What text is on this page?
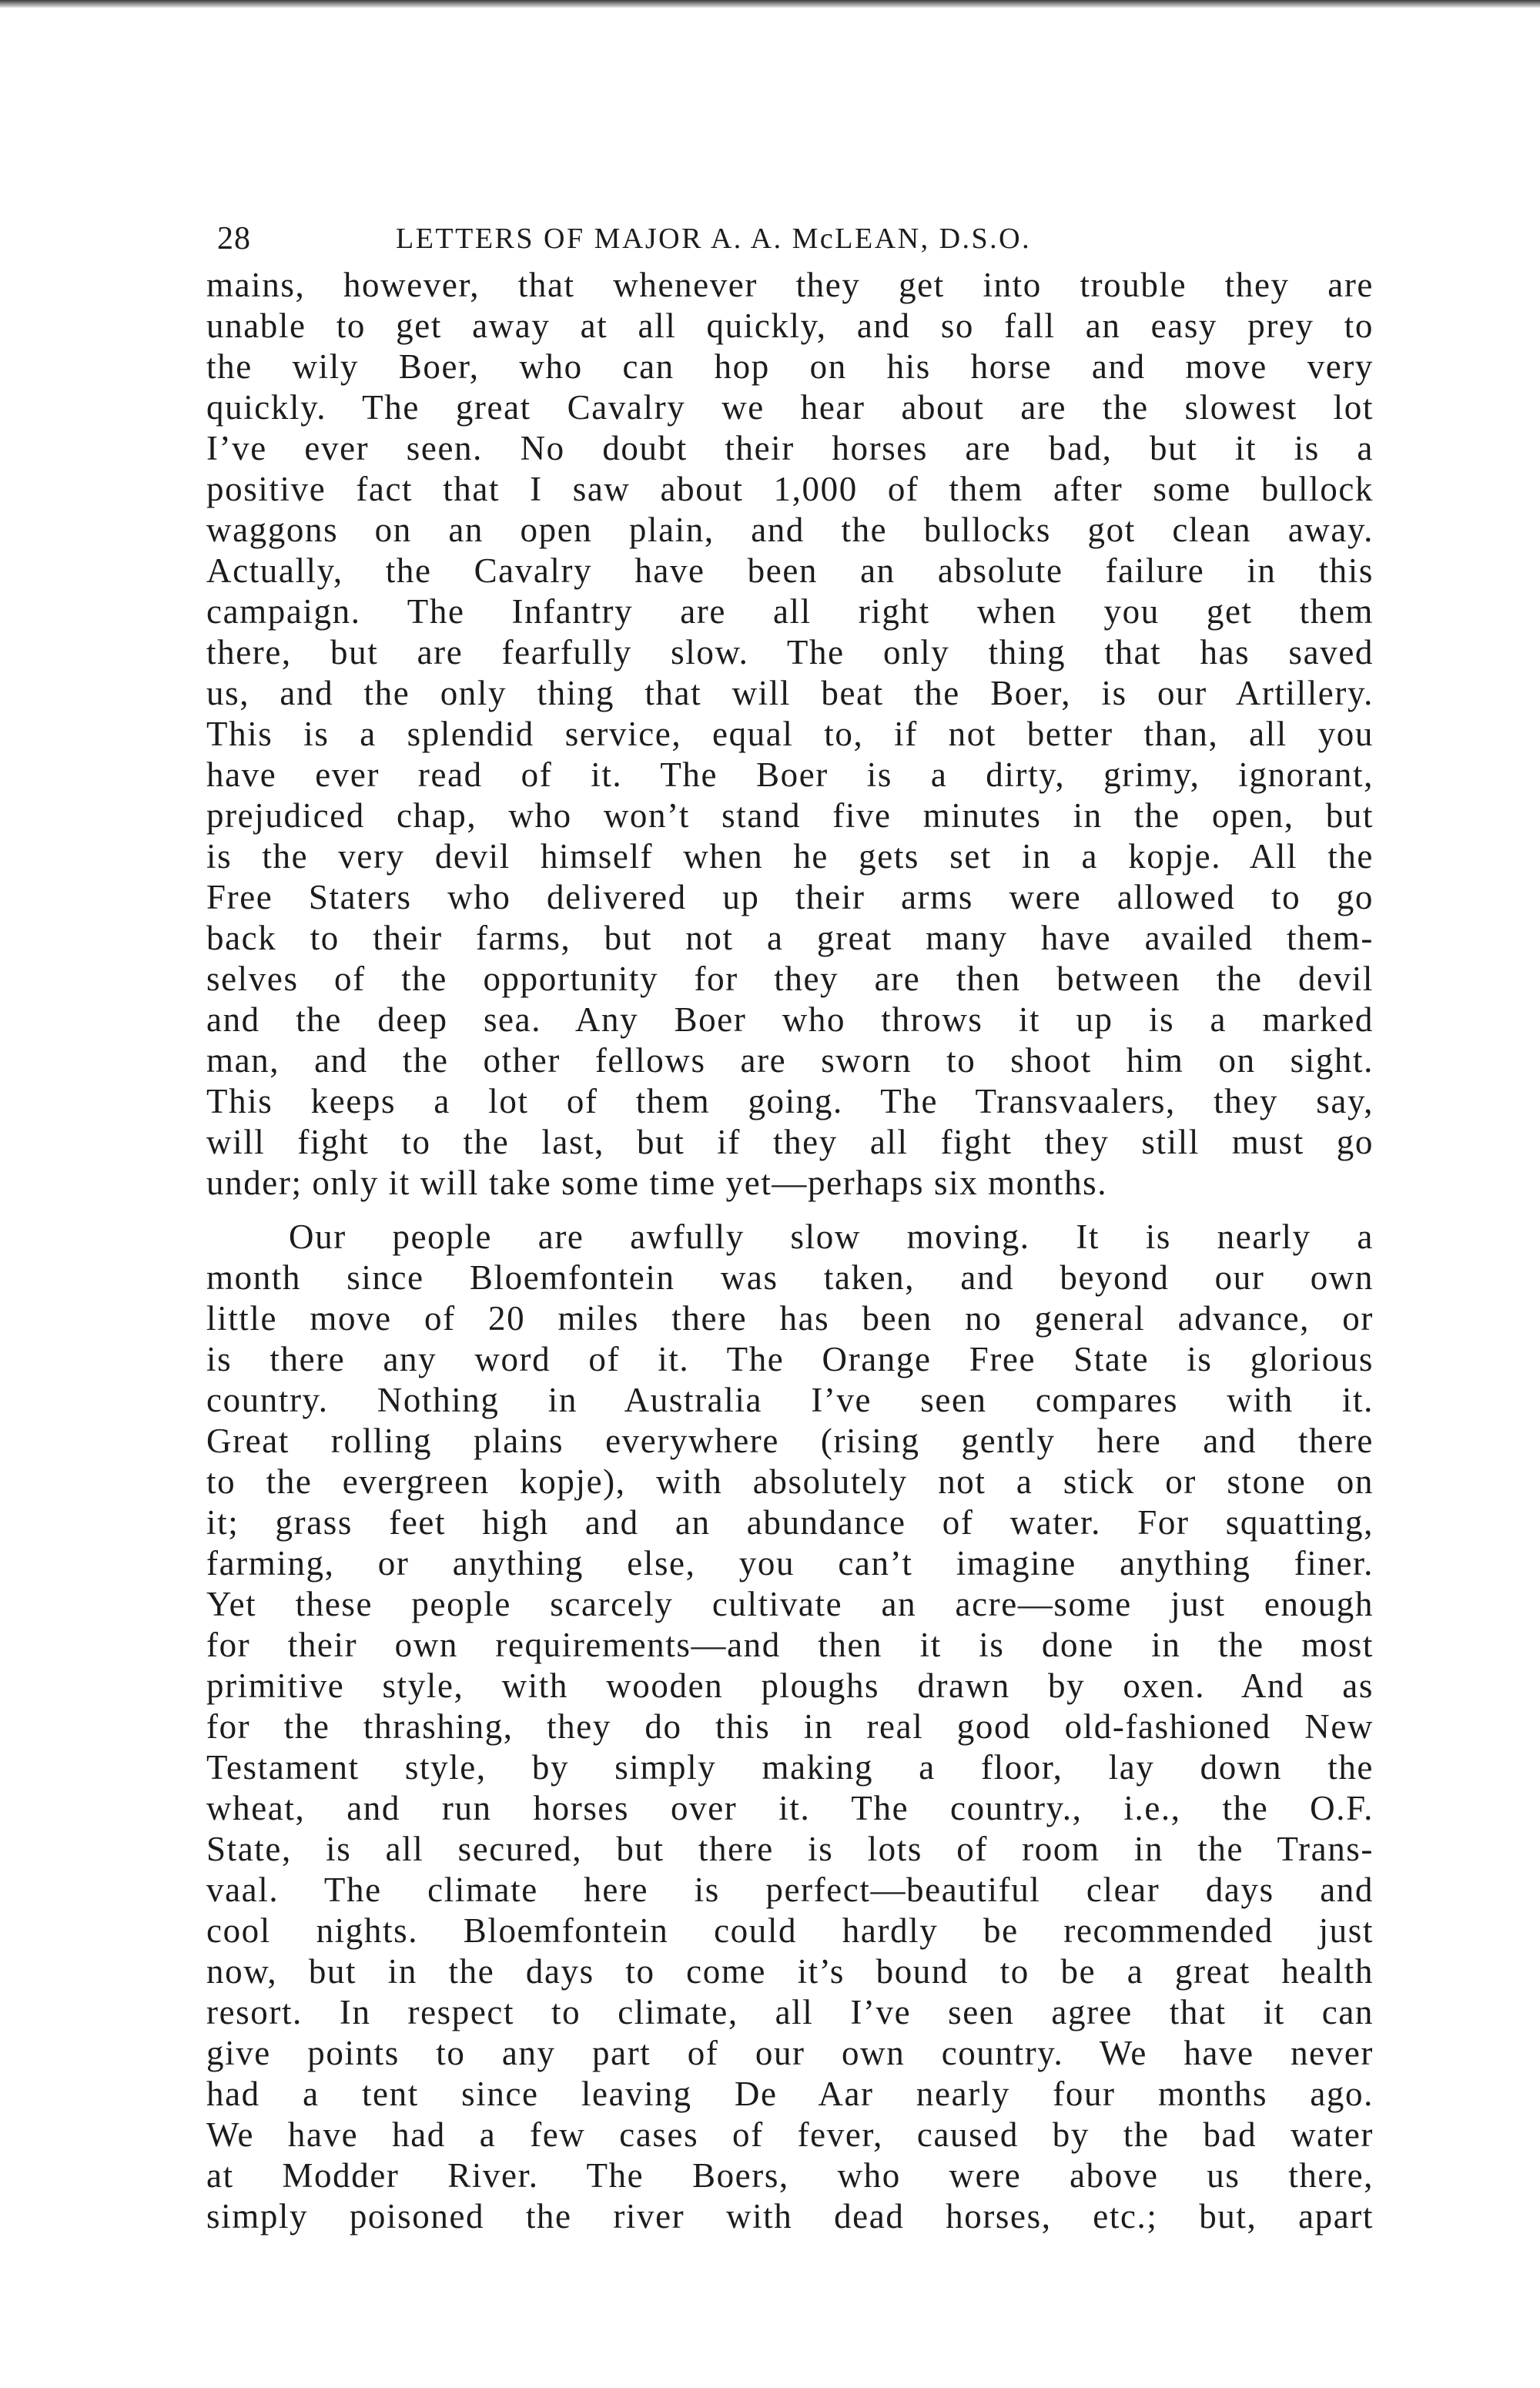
28	LETTERS OF MAJOR A. A. McLEAN, D.S.O.
mains, however, that whenever they get into trouble they are
unable to get away at all quickly, and so fall an easy prey to
the wily Boer, who can hop on his horse and move very
quickly. The great Cavalry we hear about are the slowest lot
I’ve ever seen. No doubt their horses are bad, but it is a
positive fact that I saw about 1,000 of them after some bullock
waggons on an open plain, and the bullocks got clean away.
Actually, the Cavalry have been an absolute failure in this
campaign. The Infantry are all right when you get them
there, but are fearfully slow. The only thing that has saved
us, and the only thing that will beat the Boer, is our Artillery.
This is a splendid service, equal to, if not better than, all you
have ever read of it. The Boer is a dirty, grimy, ignorant,
prejudiced chap, who won’t stand five minutes in the open, but
is the very devil himself when he gets set in a kopje. All the
Free Staters who delivered up their arms were allowed to go
back to their farms, but not a great many have availed them-
selves of the opportunity for they are then between the devil
and the deep sea. Any Boer who throws it up is a marked
man, and the other fellows are sworn to shoot him on sight.
This keeps a lot of them going. The Transvaalers, they say,
will fight to the last, but if they all fight they still must go
under; only it will take some time yet—perhaps six months.
Our people are awfully slow moving. It is nearly a
month since Bloemfontein was taken, and beyond our own
little move of 20 miles there has been no general advance, or
is there any word of it. The Orange Free State is glorious
country. Nothing in Australia I’ve seen compares with it.
Great rolling plains everywhere (rising gently here and there
to the evergreen kopje), with absolutely not a stick or stone on
it; grass feet high and an abundance of water. For squatting,
farming, or anything else, you can’t imagine anything finer.
Yet these people scarcely cultivate an acre—some just enough
for their own requirements—and then it is done in the most
primitive style, with wooden ploughs drawn by oxen. And as
for the thrashing, they do this in real good old-fashioned New
Testament style, by simply making a floor, lay down the
wheat, and run horses over it. The country., i.e., the O.F.
State, is all secured, but there is lots of room in the Trans-
vaal. The climate here is perfect—beautiful clear days and
cool nights. Bloemfontein could hardly be recommended just
now, but in the days to come it’s bound to be a great health
resort. In respect to climate, all I’ve seen agree that it can
give points to any part of our own country. We have never
had a tent since leaving De Aar nearly four months ago.
We have had a few cases of fever, caused by the bad water
at Modder River. The Boers, who were above us there,
simply poisoned the river with dead horses, etc.; but, apart
